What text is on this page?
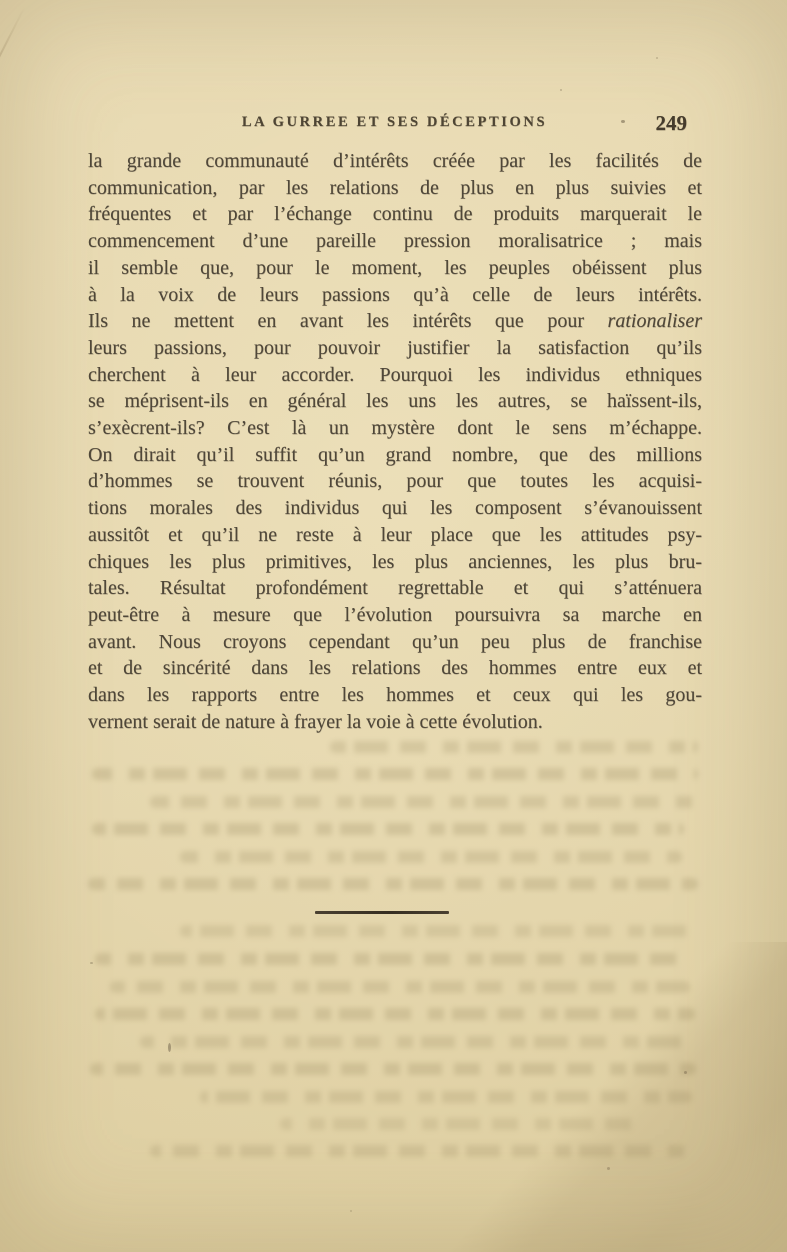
LA GURREE ET SES DÉCEPTIONS	249
la grande communauté d’intérêts créée par les facilités de
communication, par les relations de plus en plus suivies et
fréquentes et par l’échange continu de produits marquerait le
commencement d’une pareille pression moralisatrice ; mais
il semble que, pour le moment, les peuples obéissent plus
à la voix de leurs passions qu’à celle de leurs intérêts.
Ils ne mettent en avant les intérêts que pour rationaliser
leurs passions, pour pouvoir justifier la satisfaction qu’ils
cherchent à leur accorder. Pourquoi les individus ethniques
se méprisent-ils en général les uns les autres, se haïssent-ils,
s’exècrent-ils? C’est là un mystère dont le sens m’échappe.
On dirait qu’il suffit qu’un grand nombre, que des millions
d’hommes se trouvent réunis, pour que toutes les acquisi-
tions morales des individus qui les composent s’évanouissent
aussitôt et qu’il ne reste à leur place que les attitudes psy-
chiques les plus primitives, les plus anciennes, les plus bru-
tales. Résultat profondément regrettable et qui s’atténuera
peut-être à mesure que l’évolution poursuivra sa marche en
avant. Nous croyons cependant qu’un peu plus de franchise
et de sincérité dans les relations des hommes entre eux et
dans les rapports entre les hommes et ceux qui les gou-
vernent serait de nature à frayer la voie à cette évolution.
